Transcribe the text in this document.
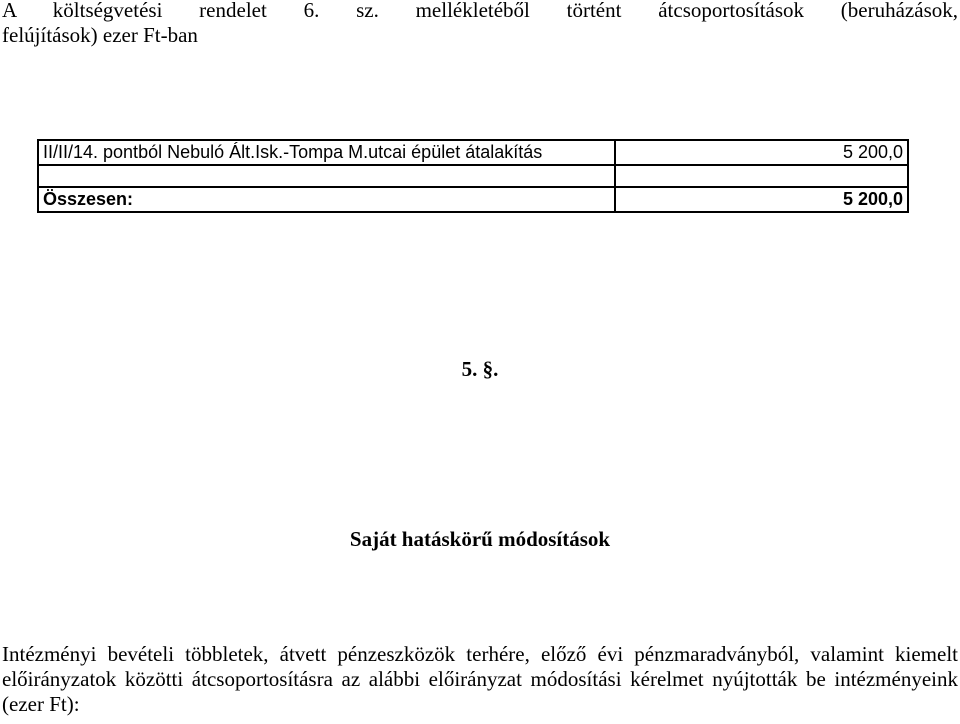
A költségvetési rendelet 6. sz. mellékletéből történt átcsoportosítások (beruházások,
felújítások) ezer Ft-ban
II/II/14. pontból Nebuló Ált.Isk.-Tompa M.utcai épület átalakítás	5 200,0

Összesen:	5 200,0
5. §.
Saját hatáskörű módosítások
Intézményi bevételi többletek, átvett pénzeszközök terhére, előző évi pénzmaradványból, valamint kiemelt előirányzatok közötti átcsoportosításra az alábbi előirányzat módosítási kérelmet nyújtották be intézményeink (ezer Ft):
